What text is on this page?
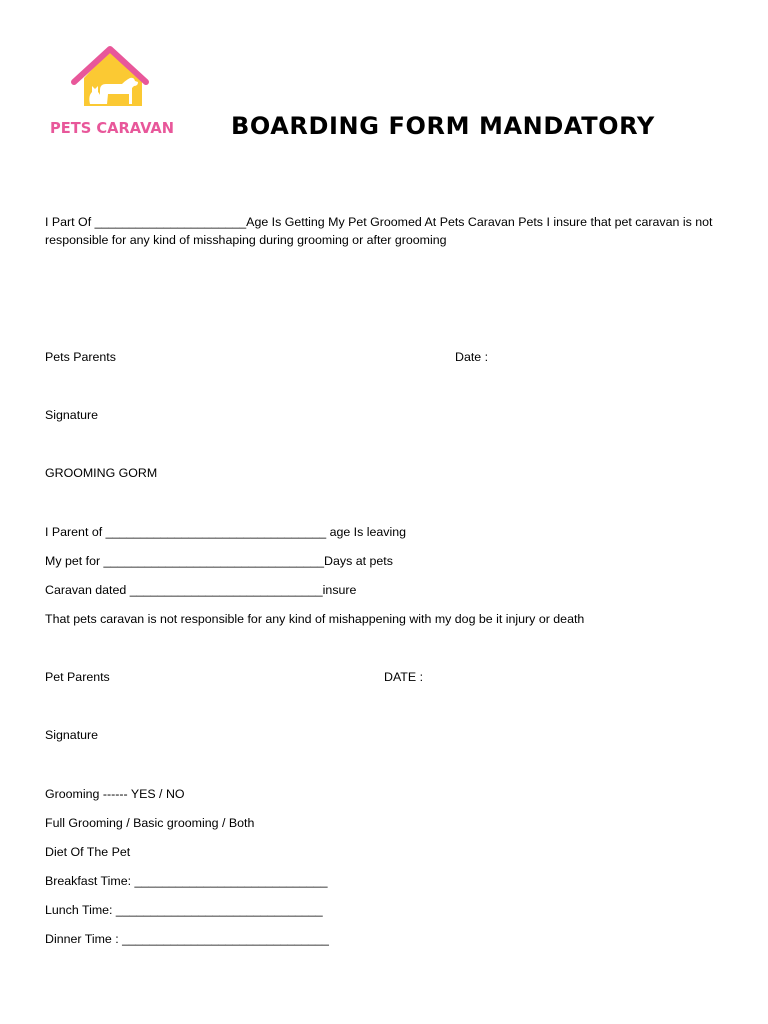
PETS CARAVAN BOARDING FORM MANDATORY
I Part Of ______________________Age Is Getting My Pet Groomed At Pets Caravan Pets I insure that pet caravan is not
responsible for any kind of misshaping during grooming or after grooming
Pets Parents	Date :
Signature
GROOMING GORM
I Parent of ________________________________ age Is leaving
My pet for ________________________________Days at pets
Caravan dated ____________________________insure
That pets caravan is not responsible for any kind of mishappening with my dog be it injury or death
Pet Parents	DATE :
Signature
Grooming ------ YES / NO
Full Grooming / Basic grooming / Both
Diet Of The Pet
Breakfast Time: ____________________________
Lunch Time: ______________________________
Dinner Time : ______________________________
